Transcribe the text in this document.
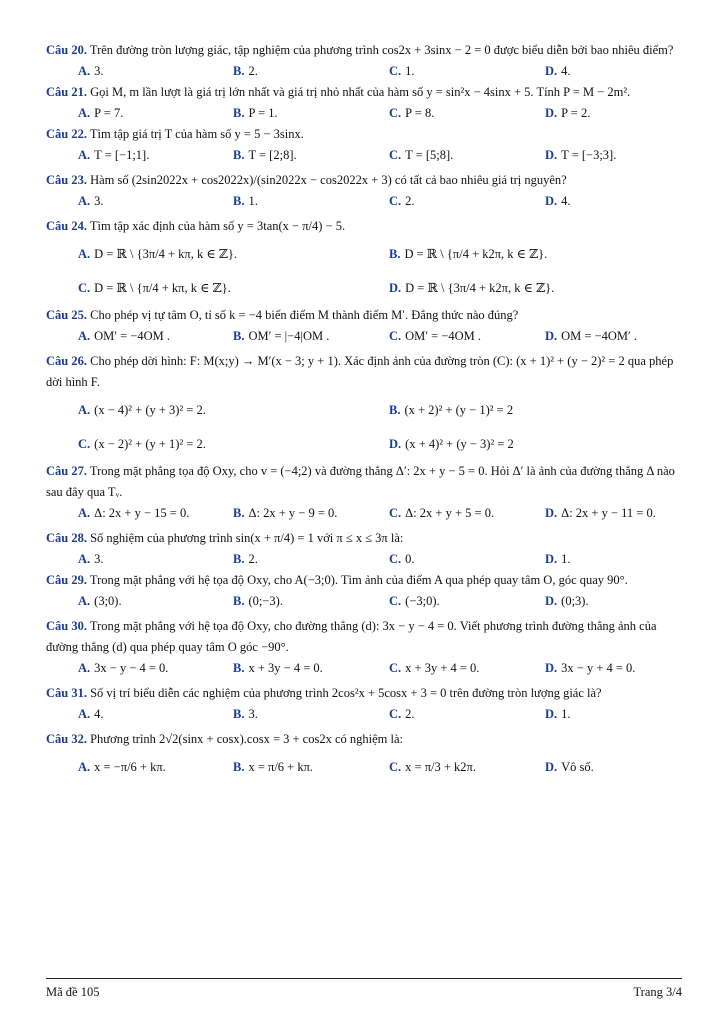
Câu 20. Trên đường tròn lượng giác, tập nghiệm của phương trình cos2x + 3sinx − 2 = 0 được biểu diễn bởi bao nhiêu điểm?

A. 3.	B. 2.	C. 1.	D. 4.

Câu 21. Gọi M, m lần lượt là giá trị lớn nhất và giá trị nhỏ nhất của hàm số y = sin²x − 4sinx + 5. Tính P = M − 2m².

A. P = 7.	B. P = 1.	C. P = 8.	D. P = 2.

Câu 22. Tìm tập giá trị T của hàm số y = 5 − 3sinx.

A. T = [−1;1].	B. T = [2;8].	C. T = [5;8].	D. T = [−3;3].

Câu 23. Hàm số (2sin2022x + cos2022x)/(sin2022x − cos2022x + 3) có tất cả bao nhiêu giá trị nguyên?

A. 3.	B. 1.	C. 2.	D. 4.

Câu 24. Tìm tập xác định của hàm số y = 3tan(x − π/4) − 5.

A. D = ℝ \ {3π/4 + kπ, k ∈ ℤ}.	B. D = ℝ \ {π/4 + k2π, k ∈ ℤ}.
C. D = ℝ \ {π/4 + kπ, k ∈ ℤ}.	D. D = ℝ \ {3π/4 + k2π, k ∈ ℤ}.

Câu 25. Cho phép vị tự tâm O, tỉ số k = −4 biến điểm M thành điểm M′. Đẳng thức nào đúng?

A. OM′ = −4OM .	B. OM′ = |−4|OM .	C. OM′ = −4OM .	D. OM = −4OM′ .

Câu 26. Cho phép dời hình: F: M(x;y) → M′(x − 3; y + 1). Xác định ảnh của đường tròn (C): (x + 1)² + (y − 2)² = 2 qua phép dời hình F.

A. (x − 4)² + (y + 3)² = 2.	B. (x + 2)² + (y − 1)² = 2
C. (x − 2)² + (y + 1)² = 2.	D. (x + 4)² + (y − 3)² = 2

Câu 27. Trong mặt phẳng tọa độ Oxy, cho v = (−4;2) và đường thẳng Δ′: 2x + y − 5 = 0. Hỏi Δ′ là ảnh của đường thẳng Δ nào sau đây qua Tᵥ.

A. Δ: 2x + y − 15 = 0.	B. Δ: 2x + y − 9 = 0.	C. Δ: 2x + y + 5 = 0.	D. Δ: 2x + y − 11 = 0.

Câu 28. Số nghiệm của phương trình sin(x + π/4) = 1 với π ≤ x ≤ 3π là:

A. 3.	B. 2.	C. 0.	D. 1.

Câu 29. Trong mặt phẳng với hệ tọa độ Oxy, cho A(−3;0). Tìm ảnh của điểm A qua phép quay tâm O, góc quay 90°.

A. (3;0).	B. (0;−3).	C. (−3;0).	D. (0;3).

Câu 30. Trong mặt phẳng với hệ tọa độ Oxy, cho đường thẳng (d): 3x − y − 4 = 0. Viết phương trình đường thẳng ảnh của đường thẳng (d) qua phép quay tâm O góc −90°.

A. 3x − y − 4 = 0.	B. x + 3y − 4 = 0.	C. x + 3y + 4 = 0.	D. 3x − y + 4 = 0.

Câu 31. Số vị trí biểu diễn các nghiệm của phương trình 2cos²x + 5cosx + 3 = 0 trên đường tròn lượng giác là?

A. 4.	B. 3.	C. 2.	D. 1.

Câu 32. Phương trình 2√2(sinx + cosx).cosx = 3 + cos2x có nghiệm là:

A. x = −π/6 + kπ.	B. x = π/6 + kπ.	C. x = π/3 + k2π.	D. Vô số.
Mã đề 105	Trang 3/4
